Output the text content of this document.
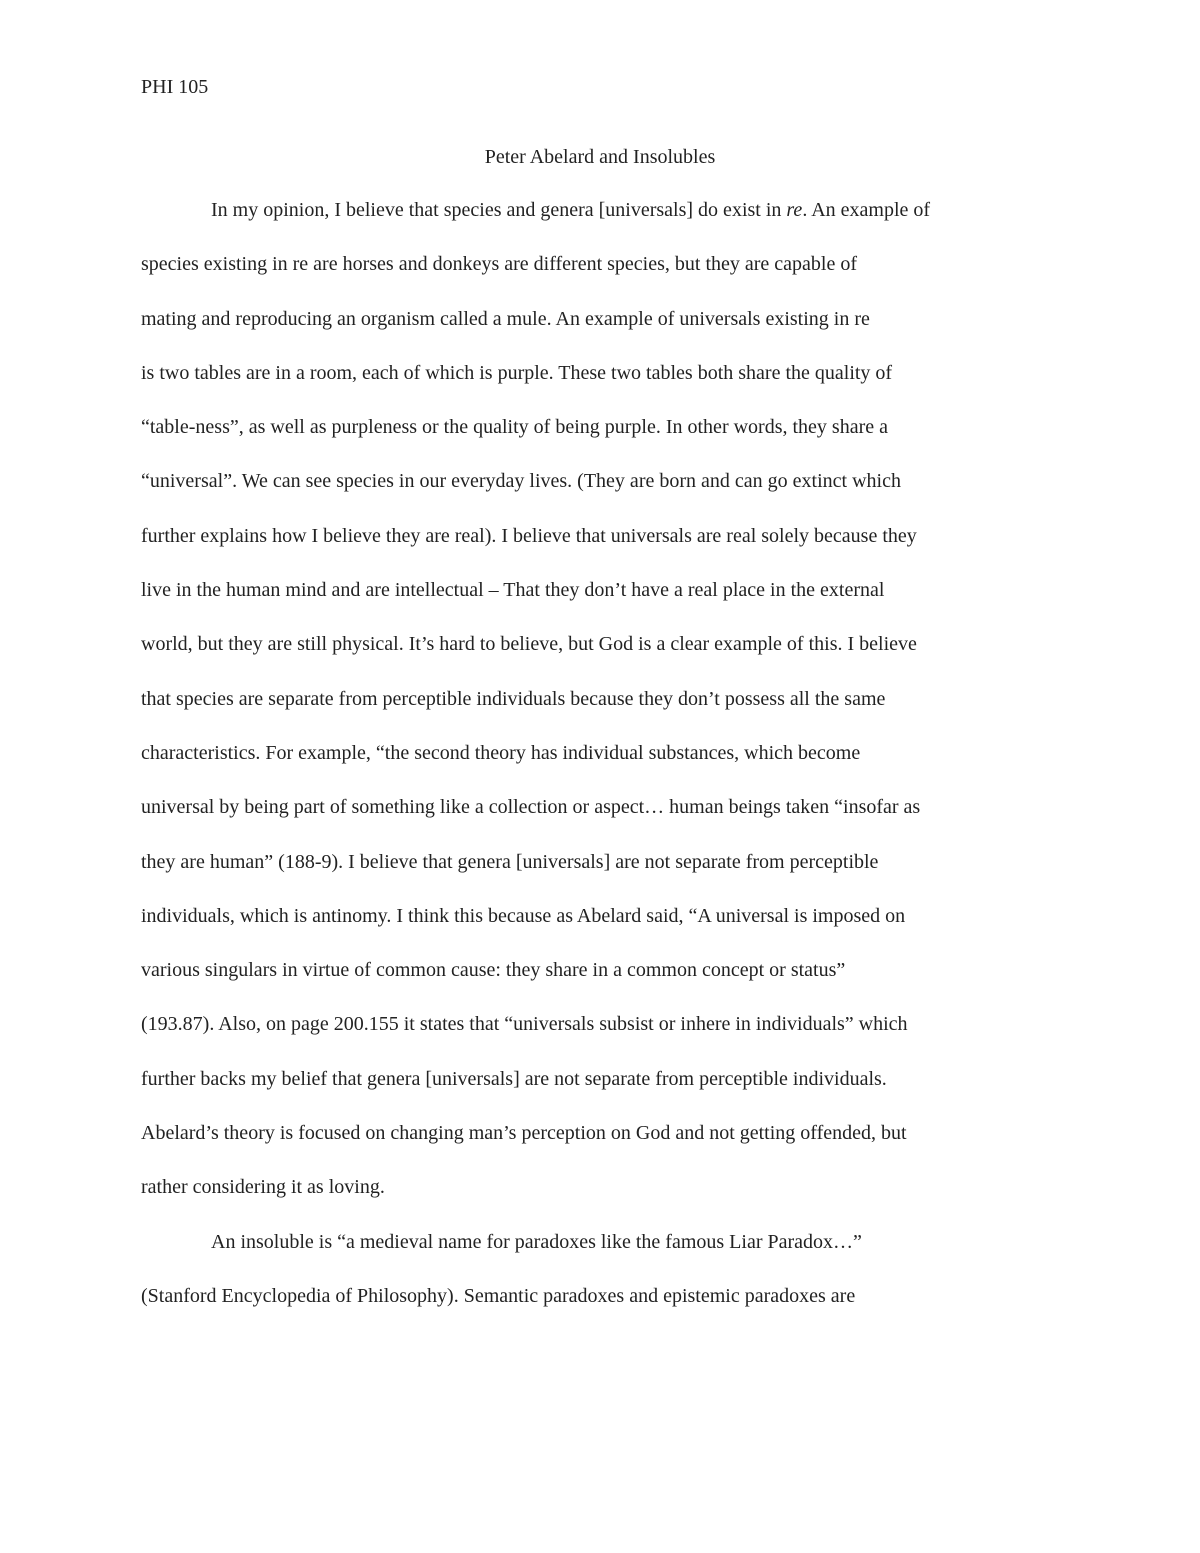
PHI 105
Peter Abelard and Insolubles
In my opinion, I believe that species and genera [universals] do exist in re. An example of
species existing in re are horses and donkeys are different species, but they are capable of
mating and reproducing an organism called a mule. An example of universals existing in re
is two tables are in a room, each of which is purple. These two tables both share the quality of
“table-ness”, as well as purpleness or the quality of being purple. In other words, they share a
“universal”. We can see species in our everyday lives. (They are born and can go extinct which
further explains how I believe they are real). I believe that universals are real solely because they
live in the human mind and are intellectual – That they don’t have a real place in the external
world, but they are still physical. It’s hard to believe, but God is a clear example of this. I believe
that species are separate from perceptible individuals because they don’t possess all the same
characteristics. For example, “the second theory has individual substances, which become
universal by being part of something like a collection or aspect… human beings taken “insofar as
they are human” (188-9). I believe that genera [universals] are not separate from perceptible
individuals, which is antinomy. I think this because as Abelard said, “A universal is imposed on
various singulars in virtue of common cause: they share in a common concept or status”
(193.87). Also, on page 200.155 it states that “universals subsist or inhere in individuals” which
further backs my belief that genera [universals] are not separate from perceptible individuals.
Abelard’s theory is focused on changing man’s perception on God and not getting offended, but
rather considering it as loving.
An insoluble is “a medieval name for paradoxes like the famous Liar Paradox…”
(Stanford Encyclopedia of Philosophy). Semantic paradoxes and epistemic paradoxes are
